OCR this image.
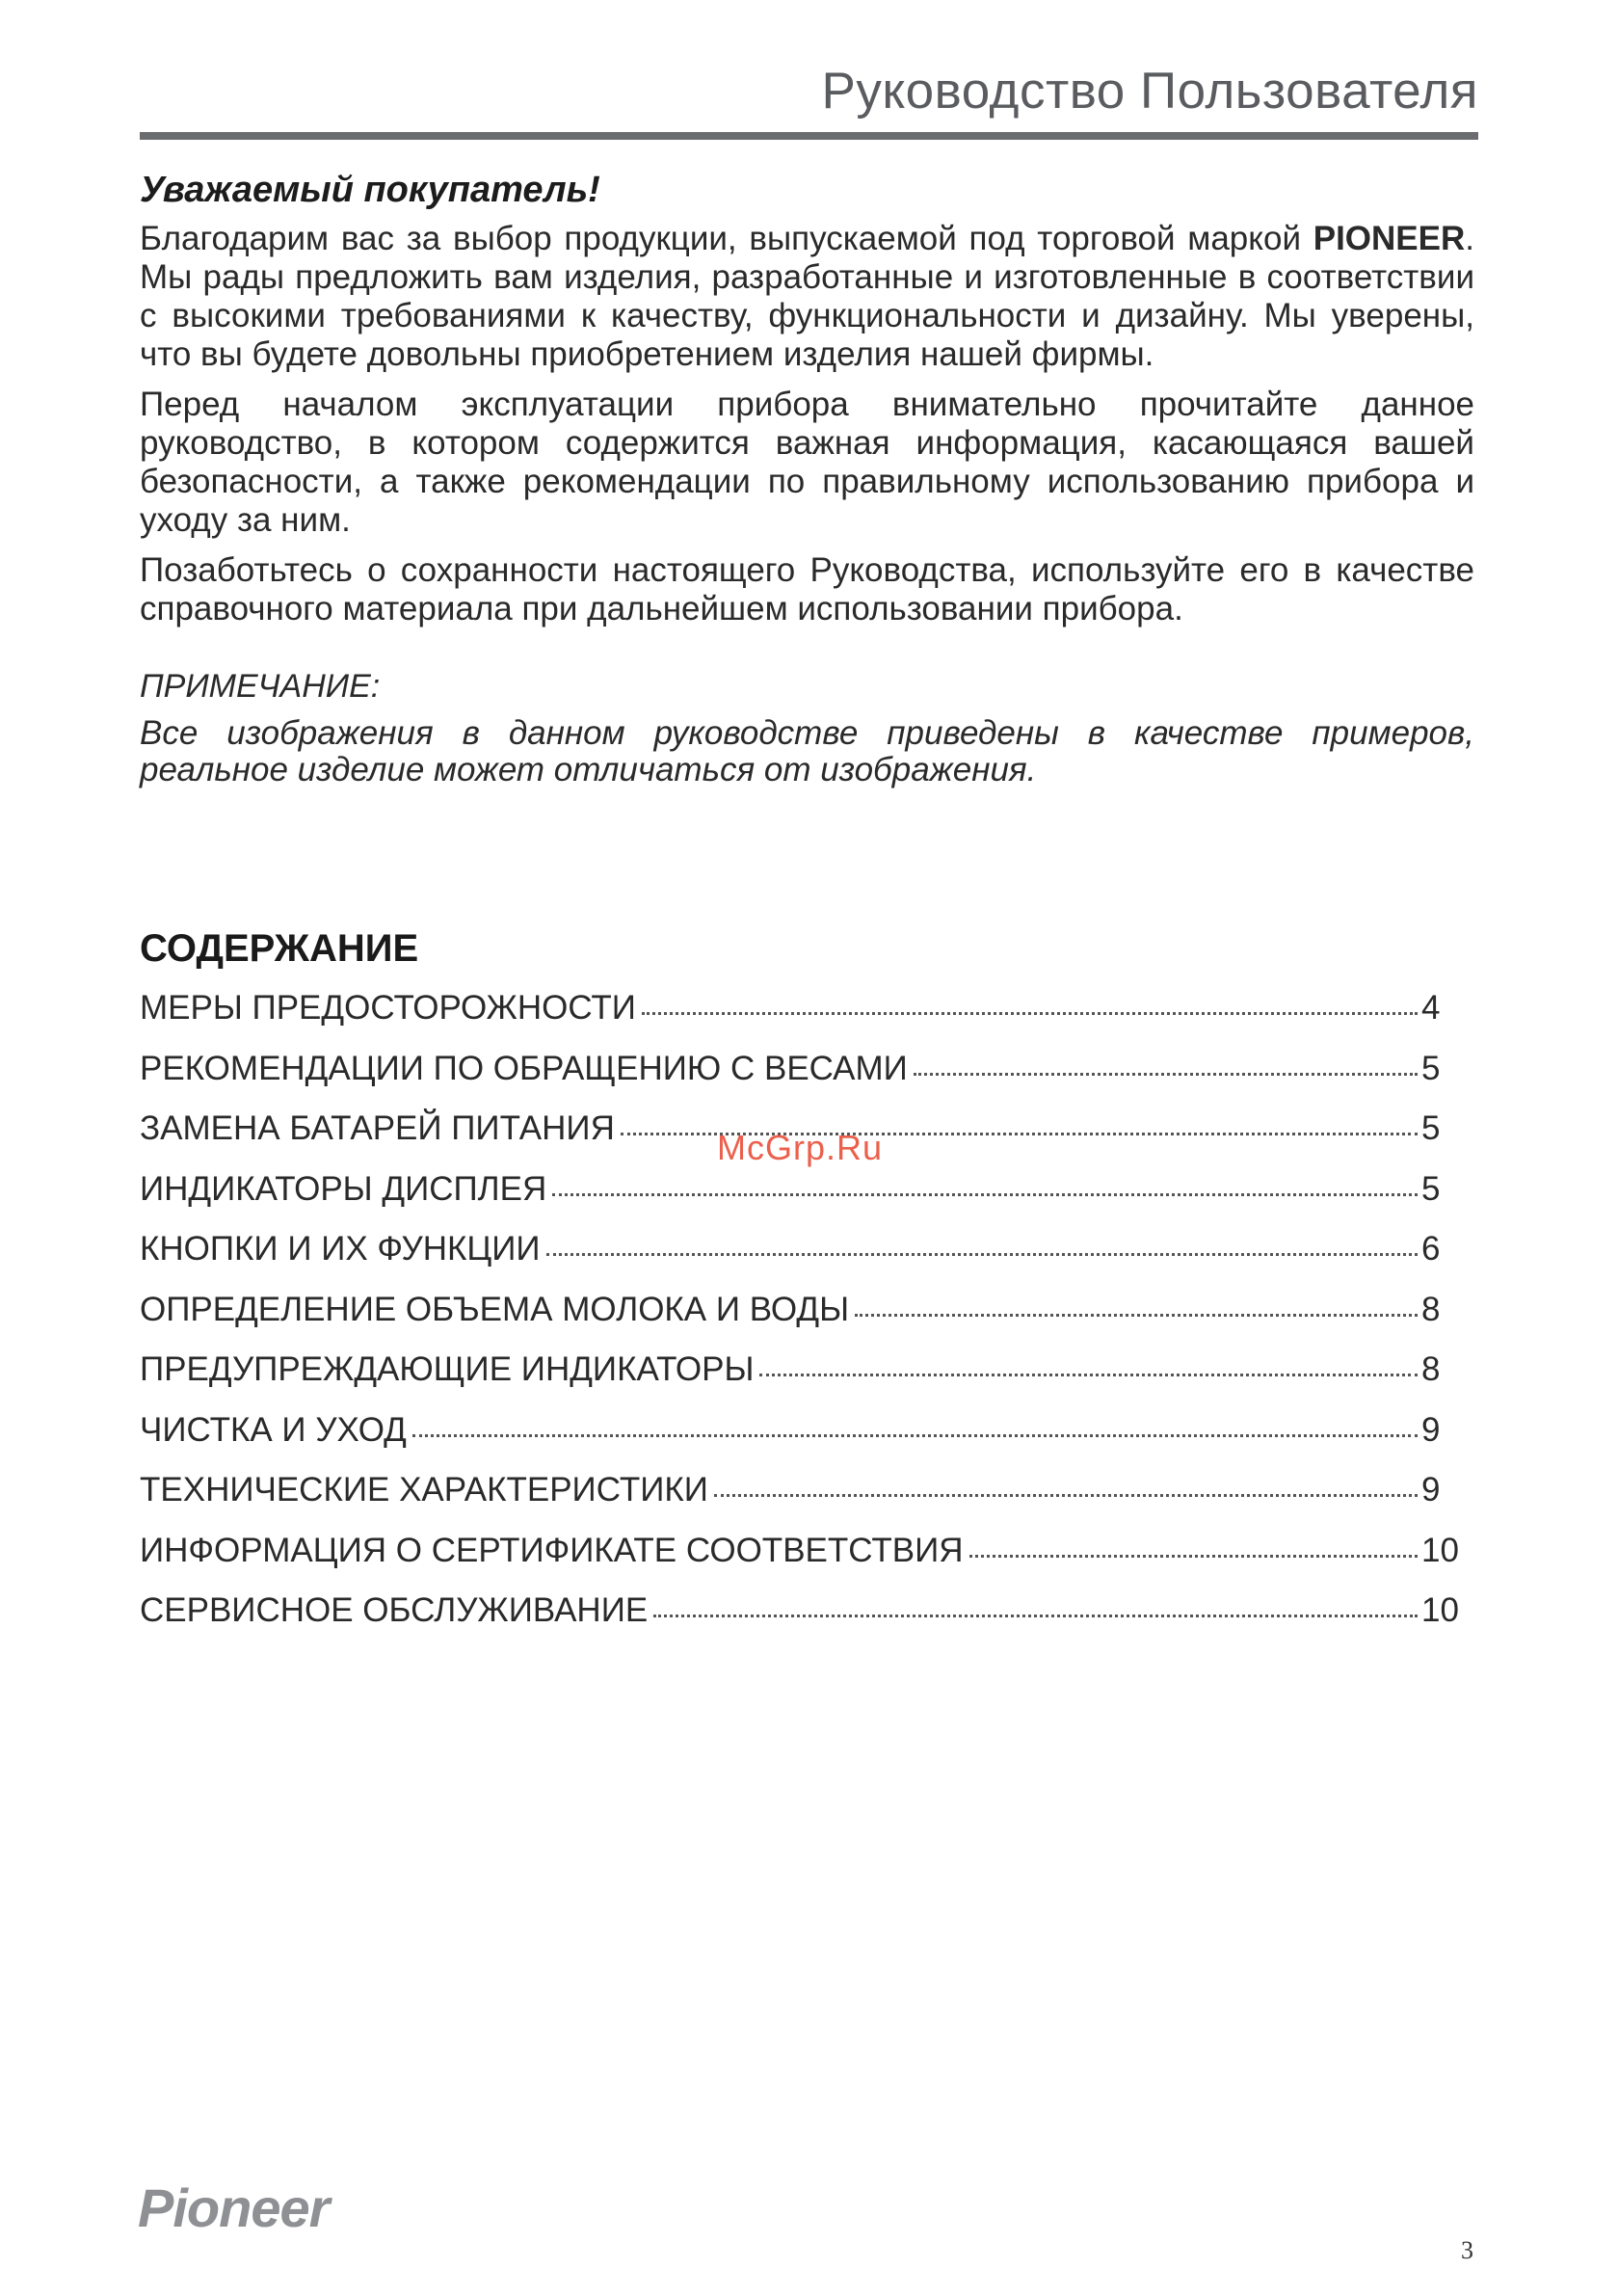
Руководство Пользователя

Уважаемый покупатель!

Благодарим вас за выбор продукции, выпускаемой под торговой маркой PIONEER. Мы рады предложить вам изделия, разработанные и изготовленные в соответствии с высокими требованиями к качеству, функциональности и дизайну. Мы уверены, что вы будете довольны приобретением изделия нашей фирмы.

Перед началом эксплуатации прибора внимательно прочитайте данное руководство, в котором содержится важная информация, касающаяся вашей безопасности, а также рекомендации по правильному использованию прибора и уходу за ним.

Позаботьтесь о сохранности настоящего Руководства, используйте его в качестве справочного материала при дальнейшем использовании прибора.

ПРИМЕЧАНИЕ:

Все изображения в данном руководстве приведены в качестве примеров, реальное изделие может отличаться от изображения.

СОДЕРЖАНИЕ
МЕРЫ ПРЕДОСТОРОЖНОСТИ	4
РЕКОМЕНДАЦИИ ПО ОБРАЩЕНИЮ С ВЕСАМИ	5
ЗАМЕНА БАТАРЕЙ ПИТАНИЯ	5
ИНДИКАТОРЫ ДИСПЛЕЯ	5
КНОПКИ И ИХ ФУНКЦИИ	6
ОПРЕДЕЛЕНИЕ ОБЪЕМА МОЛОКА И ВОДЫ	8
ПРЕДУПРЕЖДАЮЩИЕ ИНДИКАТОРЫ	8
ЧИСТКА И УХОД	9
ТЕХНИЧЕСКИЕ ХАРАКТЕРИСТИКИ	9
ИНФОРМАЦИЯ О СЕРТИФИКАТЕ СООТВЕТСТВИЯ	10
СЕРВИСНОЕ ОБСЛУЖИВАНИЕ	10
McGrp.Ru
Pioneer
3
